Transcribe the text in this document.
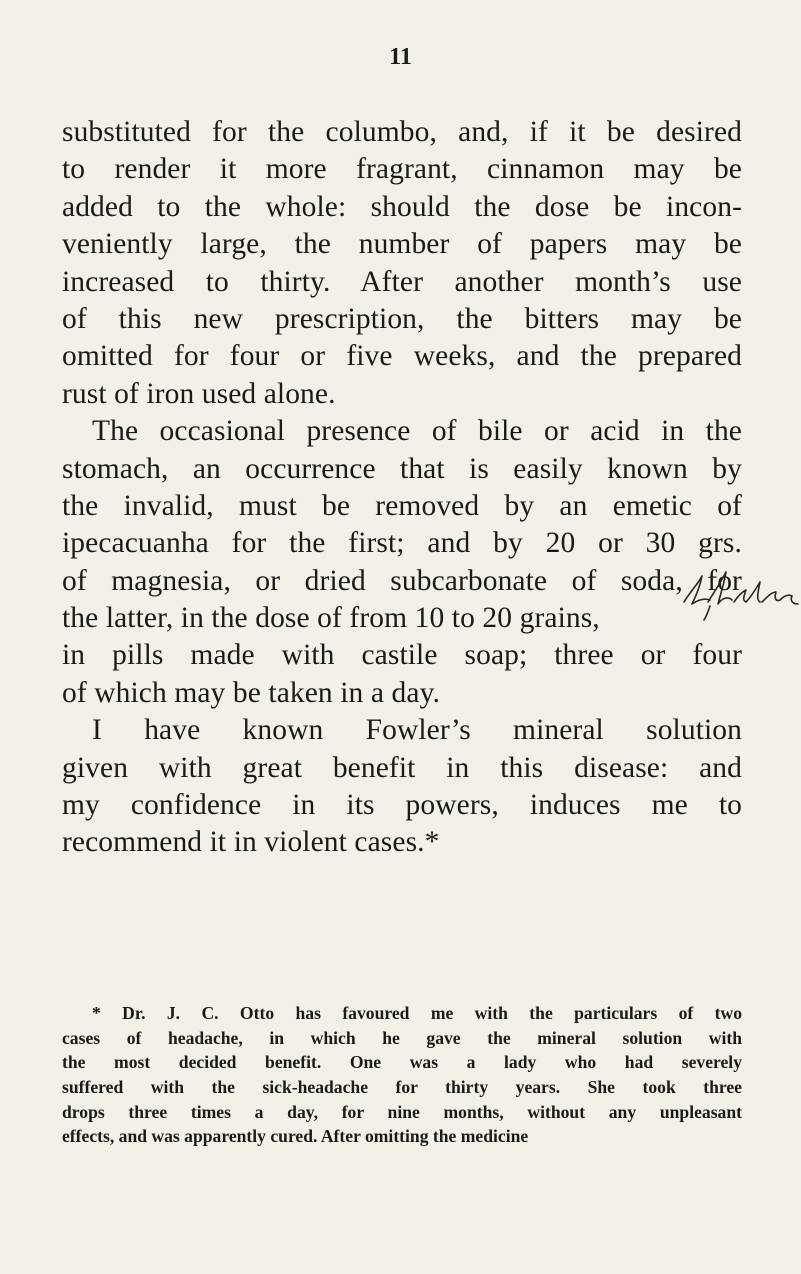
11
substituted for the columbo, and, if it be desired
to render it more fragrant, cinnamon may be
added to the whole: should the dose be incon-
veniently large, the number of papers may be
increased to thirty. After another month’s use
of this new prescription, the bitters may be
omitted for four or five weeks, and the prepared
rust of iron used alone.
The occasional presence of bile or acid in the
stomach, an occurrence that is easily known by
the invalid, must be removed by an emetic of
ipecacuanha for the first; and by 20 or 30 grs.
of magnesia, or dried subcarbonate of soda, for
the latter, in the dose of from 10 to 20 grains,
in pills made with castile soap; three or four
of which may be taken in a day.
I have known Fowler’s mineral solution
given with great benefit in this disease: and
my confidence in its powers, induces me to
recommend it in violent cases.*
* Dr. J. C. Otto has favoured me with the particulars of two
cases of headache, in which he gave the mineral solution with
the most decided benefit. One was a lady who had severely
suffered with the sick-headache for thirty years. She took three
drops three times a day, for nine months, without any unpleasant
effects, and was apparently cured. After omitting the medicine
